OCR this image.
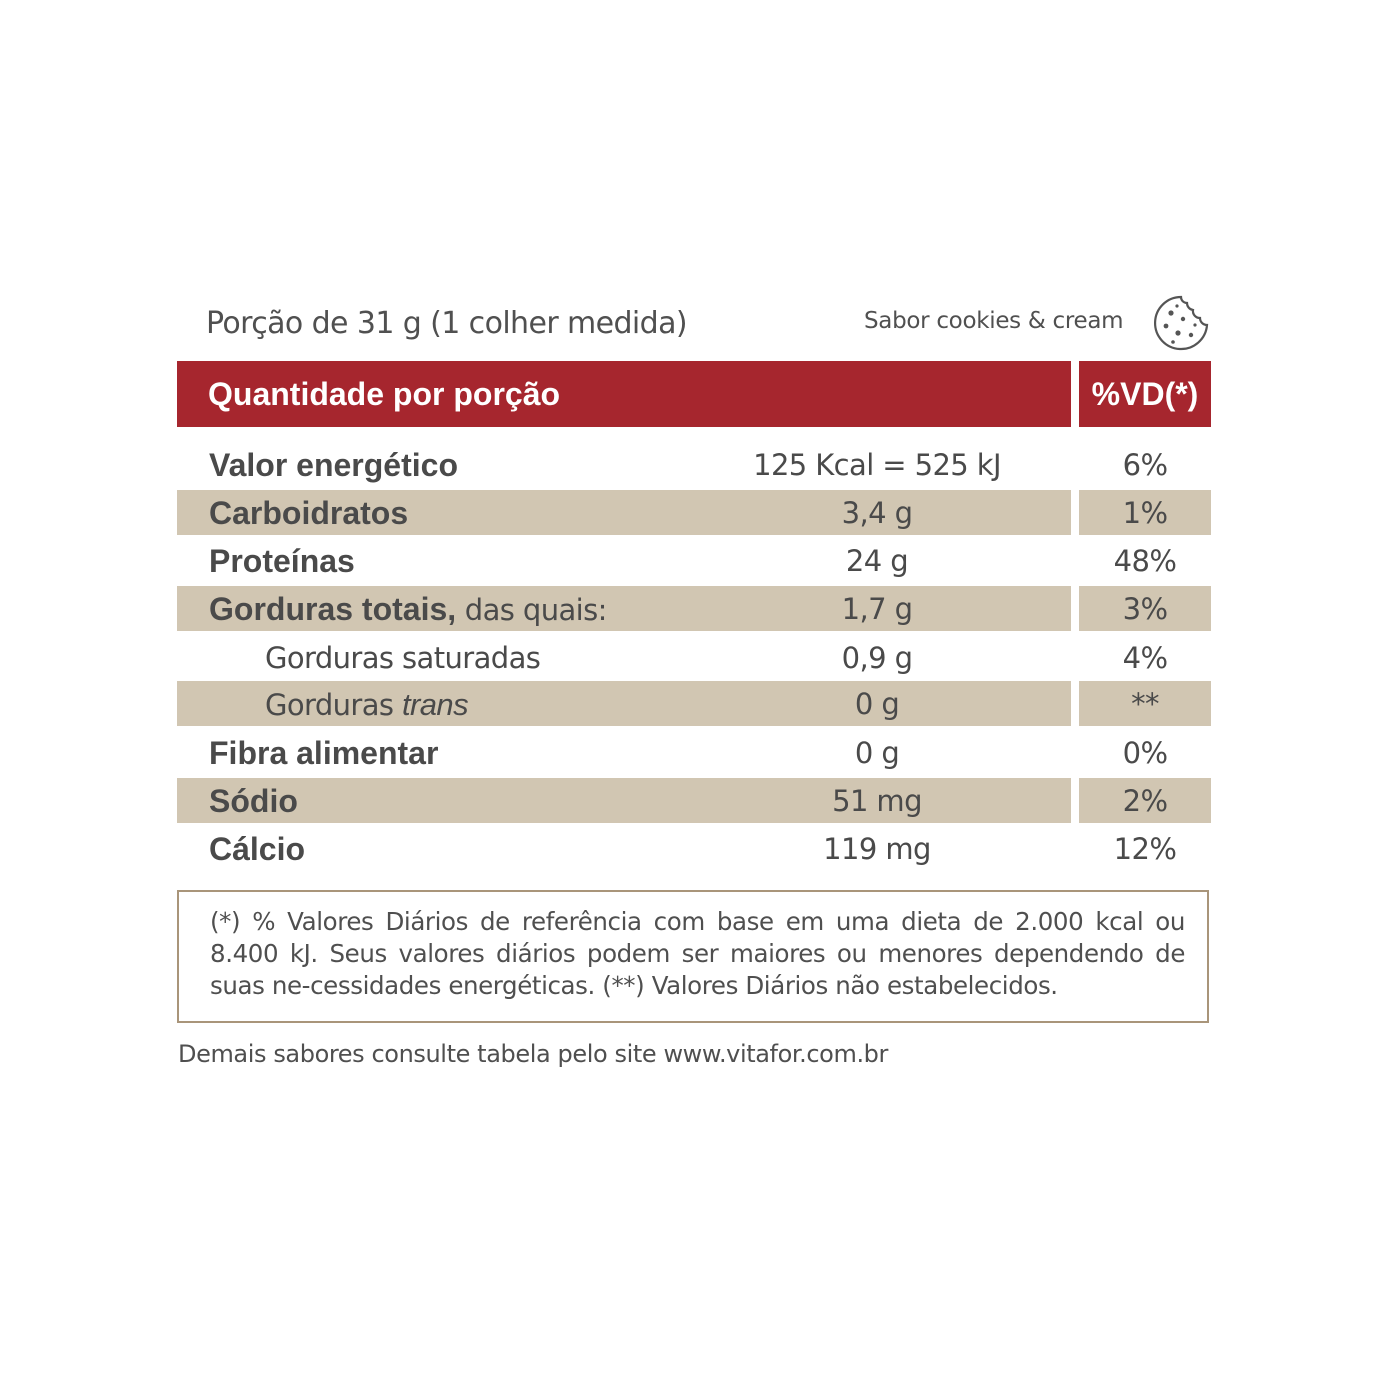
Porção de 31 g (1 colher medida)	Sabor cookies & cream
Quantidade por porção	%VD(*)
Valor energético	125 Kcal = 525 kJ	6%
Carboidratos	3,4 g	1%
Proteínas	24 g	48%
Gorduras totais, das quais:	1,7 g	3%
Gorduras saturadas	0,9 g	4%
Gorduras trans	0 g	**
Fibra alimentar	0 g	0%
Sódio	51 mg	2%
Cálcio	119 mg	12%
(*) % Valores Diários de referência com base em uma dieta de 2.000 kcal ou 8.400 kJ. Seus valores diários podem ser maiores ou menores dependendo de suas ne-cessidades energéticas. (**) Valores Diários não estabelecidos.
Demais sabores consulte tabela pelo site www.vitafor.com.br
